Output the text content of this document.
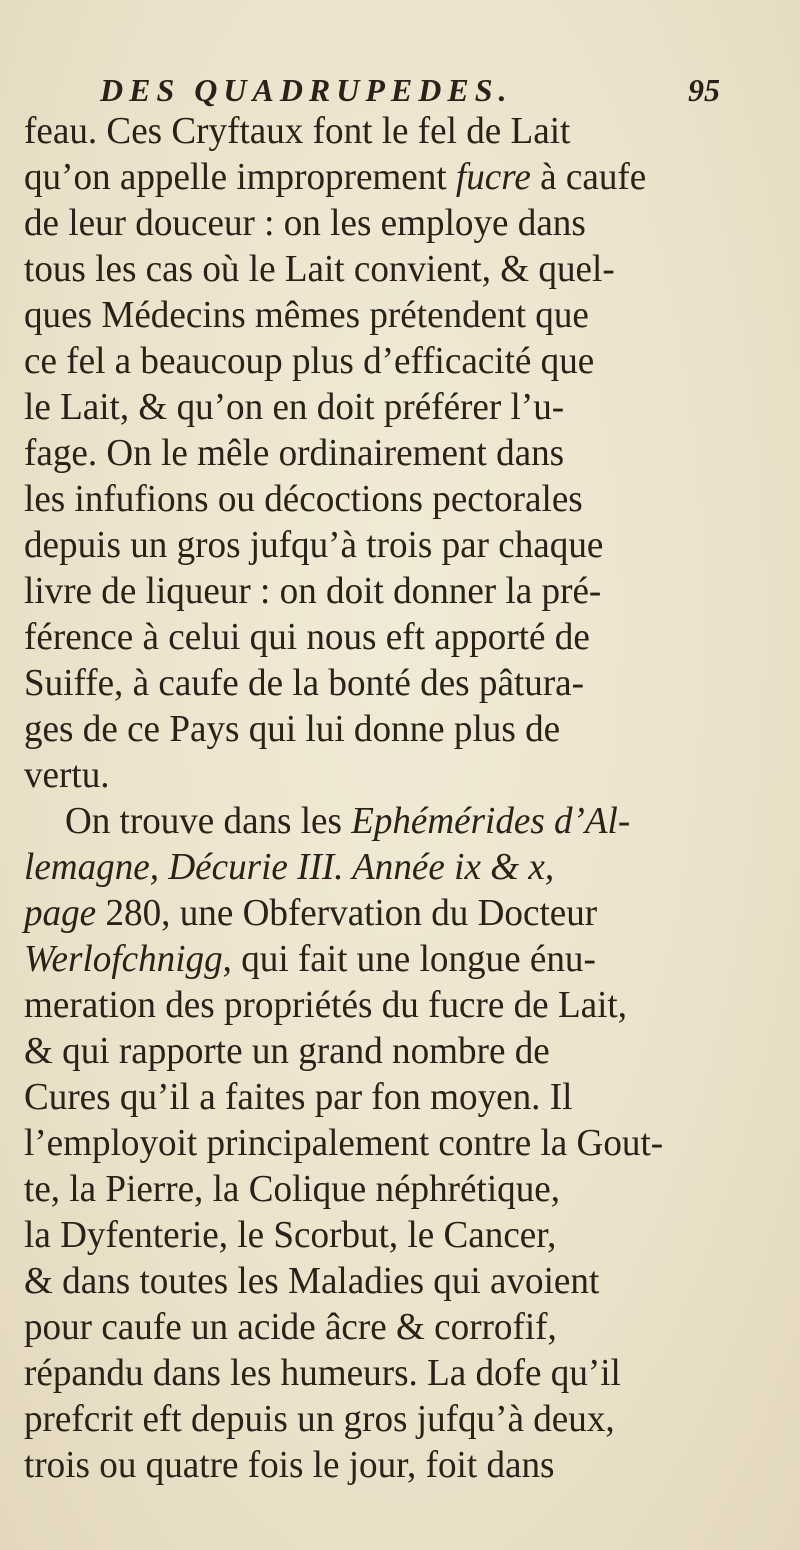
DES QUADRUPEDES.	95
feau. Ces Cryftaux font le fel de Lait
qu’on appelle improprement fucre à caufe
de leur douceur : on les employe dans
tous les cas où le Lait convient, & quel-
ques Médecins mêmes prétendent que
ce fel a beaucoup plus d’efficacité que
le Lait, & qu’on en doit préférer l’u-
fage. On le mêle ordinairement dans
les infufions ou décoctions pectorales
depuis un gros jufqu’à trois par chaque
livre de liqueur : on doit donner la pré-
férence à celui qui nous eft apporté de
Suiffe, à caufe de la bonté des pâtura-
ges de ce Pays qui lui donne plus de
vertu.
On trouve dans les Ephémérides d’Al-
lemagne, Décurie III. Année ix & x,
page 280, une Obfervation du Docteur
Werlofchnigg, qui fait une longue énu-
meration des propriétés du fucre de Lait,
& qui rapporte un grand nombre de
Cures qu’il a faites par fon moyen. Il
l’employoit principalement contre la Gout-
te, la Pierre, la Colique néphrétique,
la Dyfenterie, le Scorbut, le Cancer,
& dans toutes les Maladies qui avoient
pour caufe un acide âcre & corrofif,
répandu dans les humeurs. La dofe qu’il
prefcrit eft depuis un gros jufqu’à deux,
trois ou quatre fois le jour, foit dans
